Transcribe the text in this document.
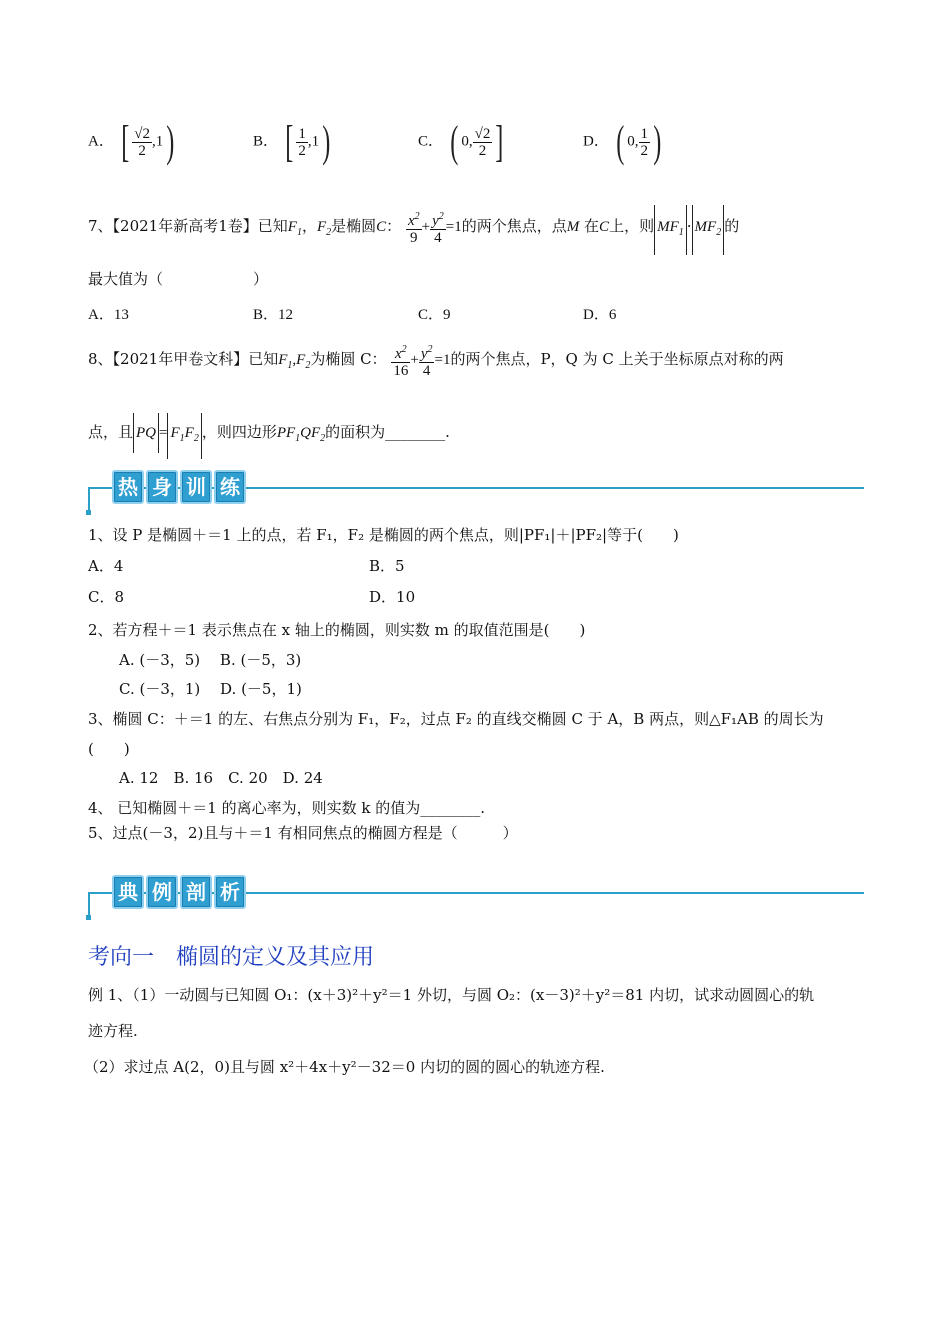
A． [ $\frac{√2}{2} ,1$)	B． [ $\frac{1}{2} ,1$)	C． ( 0, $\frac{√2}{2}$ ]	D． ( 0, $\frac{1}{2}$ )
7、【2021年新高考1卷】已知$F_1$，$F_2$是椭圆C： $\frac{x^2}{9} + \frac{y^2}{4} =1$的两个焦点，点M 在C上，则 $MF_1 \cdot MF_2$ 的
最大值为（　　　　　　）
A．13	B．12	C．9	D．6
8、【2021年甲卷文科】已知$F_1,F_2$为椭圆 C： $\frac{x^2}{16} + \frac{y^2}{4} =1$的两个焦点，P，Q 为 C 上关于坐标原点对称的两
点，且 PQ = $F_1F_2$ ，则四边形$PF_1QF_2$的面积为________.
热 身 训 练
1、设 P 是椭圆＋＝1 上的点，若 F₁，F₂ 是椭圆的两个焦点，则|PF₁|＋|PF₂|等于(　　)
A．4	B．5
C．8	D．10
2、若方程＋＝1 表示焦点在 x 轴上的椭圆，则实数 m 的取值范围是(　　)
A. (－3，5)　 B. (－5，3)
C. (－3，1)　 D. (－5，1)
3、椭圆 C：＋＝1 的左、右焦点分别为 F₁，F₂，过点 F₂ 的直线交椭圆 C 于 A，B 两点，则△F₁AB 的周长为
(　　)
A. 12　B. 16　C. 20　D. 24
4、 已知椭圆＋＝1 的离心率为，则实数 k 的值为________.
5、过点(－3，2)且与＋＝1 有相同焦点的椭圆方程是（　　　）
典 例 剖 析
考向一　椭圆的定义及其应用
例 1、（1）一动圆与已知圆 O₁：(x＋3)²＋y²＝1 外切，与圆 O₂：(x－3)²＋y²＝81 内切，试求动圆圆心的轨
迹方程.
（2）求过点 A(2，0)且与圆 x²＋4x＋y²－32＝0 内切的圆的圆心的轨迹方程.
